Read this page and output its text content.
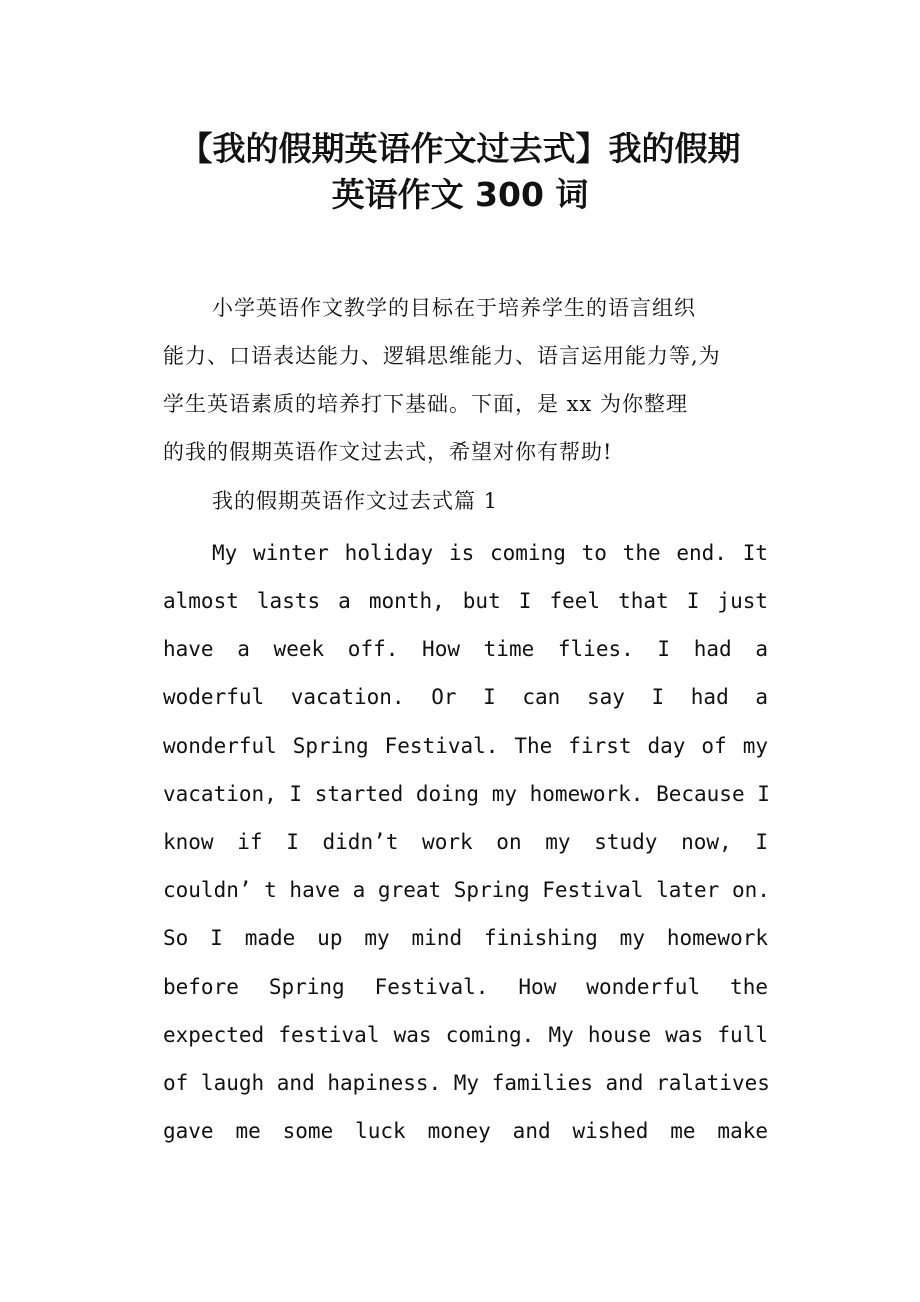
【我的假期英语作文过去式】我的假期
英语作文 300 词
小学英语作文教学的目标在于培养学生的语言组织
能力、口语表达能力、逻辑思维能力、语言运用能力等,为
学生英语素质的培养打下基础。下面，是 xx 为你整理
的我的假期英语作文过去式，希望对你有帮助!
我的假期英语作文过去式篇 1
My winter holiday is coming to the end. It
almost lasts a month, but I feel that I just
have a week off. How time flies. I had a
woderful vacation. Or I can say I had a
wonderful Spring Festival. The first day of my
vacation, I started doing my homework. Because I
know if I didn’t work on my study now, I
couldn’ t have a great Spring Festival later on.
So I made up my mind finishing my homework
before Spring Festival. How wonderful the
expected festival was coming. My house was full
of laugh and hapiness. My families and ralatives
gave me some luck money and wished me make
